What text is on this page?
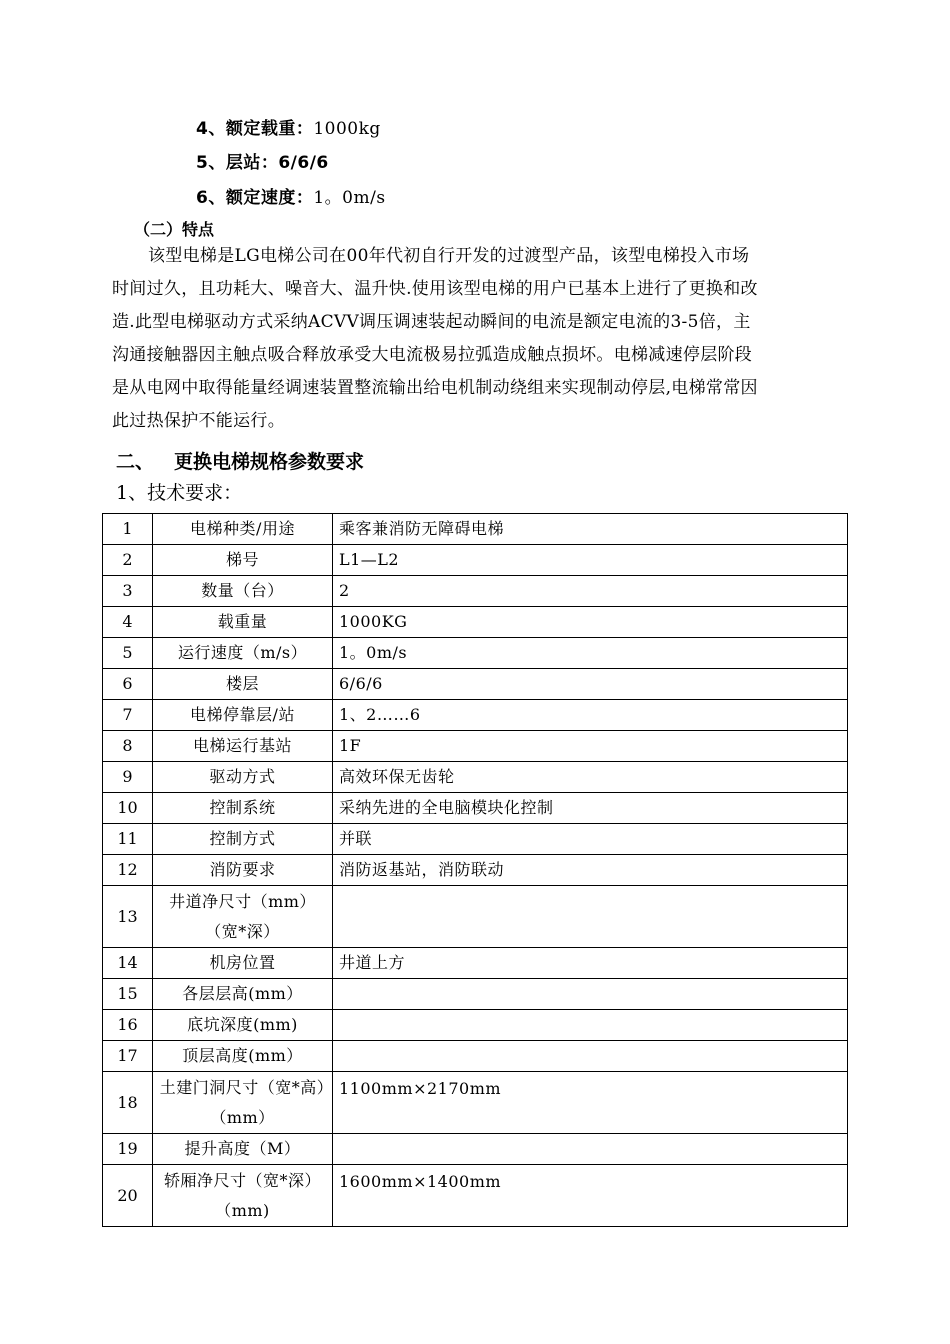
4、额定载重：1000kg
5、层站：6/6/6
6、额定速度：1。0m/s
（二）特点
该型电梯是LG电梯公司在00年代初自行开发的过渡型产品，该型电梯投入市场
时间过久，且功耗大、噪音大、温升快.使用该型电梯的用户已基本上进行了更换和改
造.此型电梯驱动方式采纳ACVV调压调速装起动瞬间的电流是额定电流的3-5倍，主
沟通接触器因主触点吸合释放承受大电流极易拉弧造成触点损坏。电梯减速停层阶段
是从电网中取得能量经调速装置整流输出给电机制动绕组来实现制动停层,电梯常常因
此过热保护不能运行。
二、 更换电梯规格参数要求
1、技术要求：
1	电梯种类/用途	乘客兼消防无障碍电梯
2	梯号	L1—L2
3	数量（台）	2
4	载重量	1000KG
5	运行速度（m/s）	1。0m/s
6	楼层	6/6/6
7	电梯停靠层/站	1、2……6
8	电梯运行基站	1F
9	驱动方式	高效环保无齿轮
10	控制系统	采纳先进的全电脑模块化控制
11	控制方式	并联
12	消防要求	消防返基站，消防联动
13	井道净尺寸（mm）（宽*深）	
14	机房位置	井道上方
15	各层层高(mm）	
16	底坑深度(mm)	
17	顶层高度(mm）	
18	土建门洞尺寸（宽*高）（mm）	1100mm×2170mm
19	提升高度（M）	
20	轿厢净尺寸（宽*深）（mm)	1600mm×1400mm
